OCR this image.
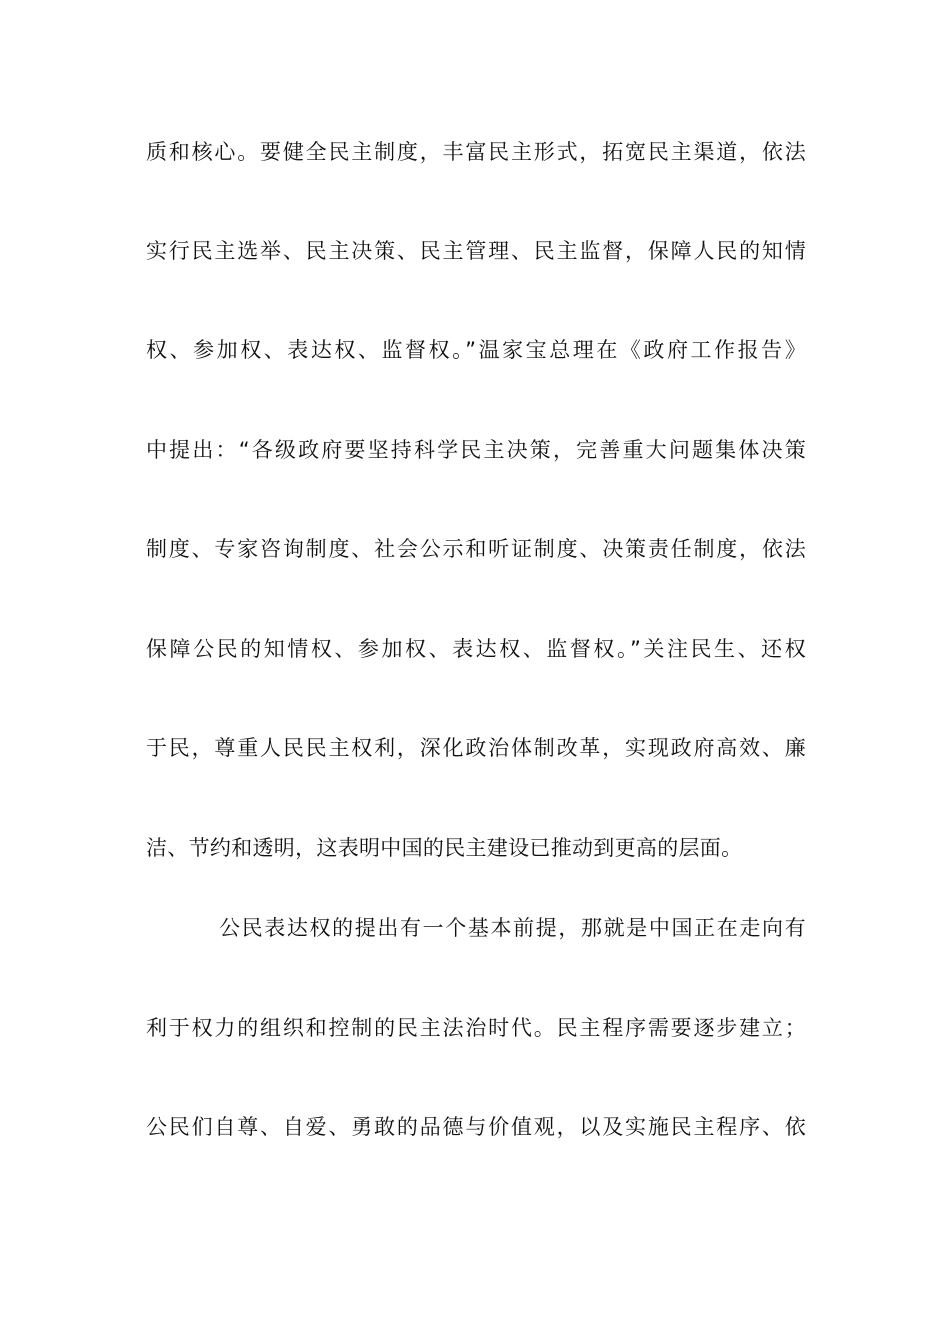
质和核心。要健全民主制度，丰富民主形式，拓宽民主渠道，依法
实行民主选举、民主决策、民主管理、民主监督，保障人民的知情
权、参加权、表达权、监督权。”温家宝总理在《政府工作报告》
中提出：“各级政府要坚持科学民主决策，完善重大问题集体决策
制度、专家咨询制度、社会公示和听证制度、决策责任制度，依法
保障公民的知情权、参加权、表达权、监督权。”关注民生、还权
于民，尊重人民民主权利，深化政治体制改革，实现政府高效、廉
洁、节约和透明，这表明中国的民主建设已推动到更高的层面。
公民表达权的提出有一个基本前提，那就是中国正在走向有
利于权力的组织和控制的民主法治时代。民主程序需要逐步建立；
公民们自尊、自爱、勇敢的品德与价值观，以及实施民主程序、依
